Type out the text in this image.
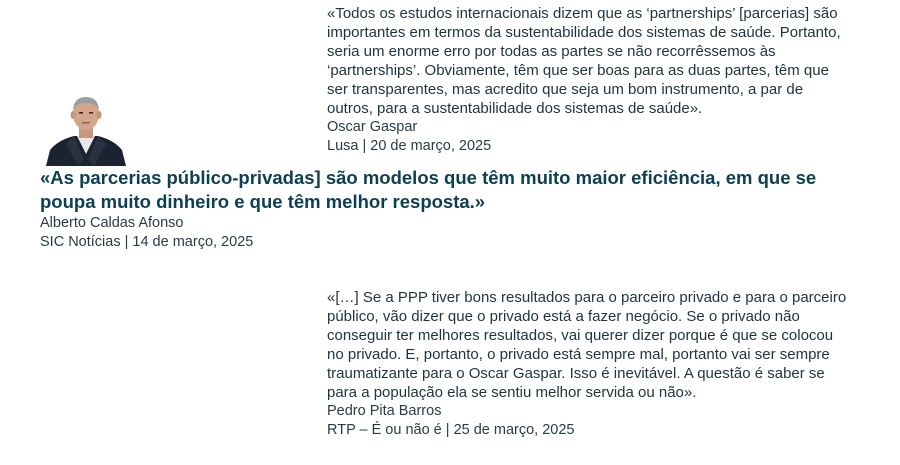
«Todos os estudos internacionais dizem que as ‘partnerships’ [parcerias] são importantes em termos da sustentabilidade dos sistemas de saúde. Portanto, seria um enorme erro por todas as partes se não recorrêssemos às ‘partnerships’. Obviamente, têm que ser boas para as duas partes, têm que ser transparentes, mas acredito que seja um bom instrumento, a par de outros, para a sustentabilidade dos sistemas de saúde».

Oscar Gaspar

Lusa | 20 de março, 2025

«As parcerias público-privadas] são modelos que têm muito maior eficiência, em que se poupa muito dinheiro e que têm melhor resposta.»

Alberto Caldas Afonso

SIC Notícias | 14 de março, 2025

«[…] Se a PPP tiver bons resultados para o parceiro privado e para o parceiro público, vão dizer que o privado está a fazer negócio. Se o privado não conseguir ter melhores resultados, vai querer dizer porque é que se colocou no privado. E, portanto, o privado está sempre mal, portanto vai ser sempre traumatizante para o Oscar Gaspar. Isso é inevitável. A questão é saber se para a população ela se sentiu melhor servida ou não».

Pedro Pita Barros

RTP – É ou não é | 25 de março, 2025
